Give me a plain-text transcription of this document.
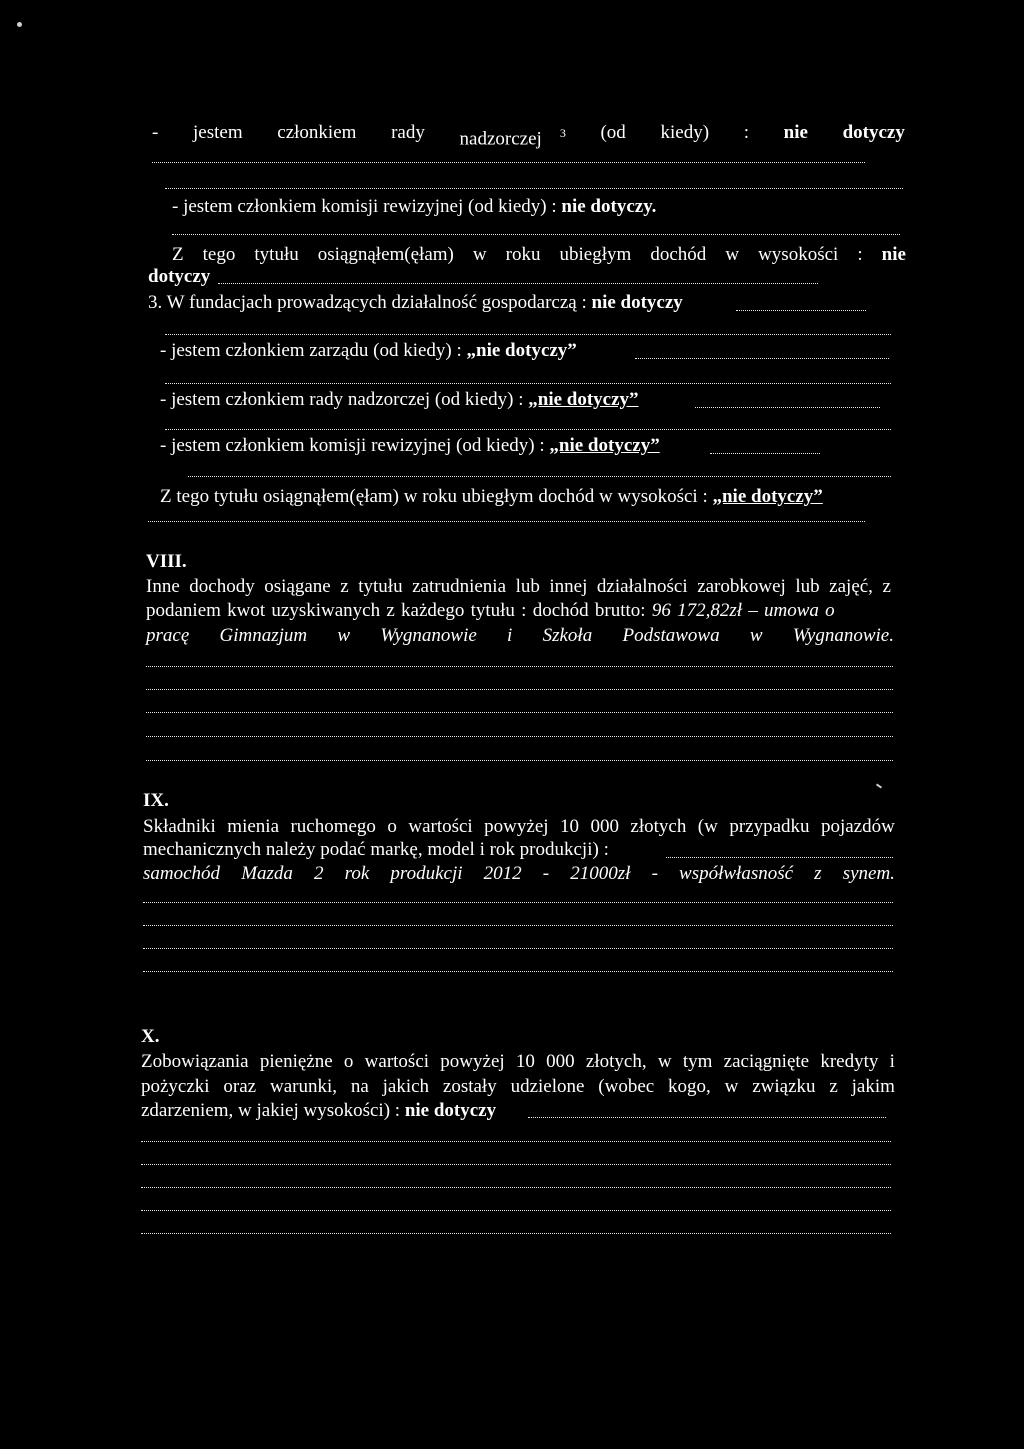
- jestem członkiem rady nadzorczej $^3$ (od kiedy) : nie dotyczy
- jestem członkiem komisji rewizyjnej (od kiedy) : nie dotyczy.
Z tego tytułu osiągnąłem(ęłam) w roku ubiegłym dochód w wysokości : nie
dotyczy
3. W fundacjach prowadzących działalność gospodarczą : nie dotyczy
- jestem członkiem zarządu (od kiedy) : „nie dotyczy”
- jestem członkiem rady nadzorczej (od kiedy) : „nie dotyczy”
- jestem członkiem komisji rewizyjnej (od kiedy) : „nie dotyczy”
Z tego tytułu osiągnąłem(ęłam) w roku ubiegłym dochód w wysokości : „nie dotyczy”
VIII.
Inne dochody osiągane z tytułu zatrudnienia lub innej działalności zarobkowej lub zajęć, z
podaniem kwot uzyskiwanych z każdego tytułu : dochód brutto: 96 172,82zł – umowa o
pracę Gimnazjum w Wygnanowie i Szkoła Podstawowa w Wygnanowie.
IX.
Składniki mienia ruchomego o wartości powyżej 10 000 złotych (w przypadku pojazdów
mechanicznych należy podać markę, model i rok produkcji) :
samochód Mazda 2 rok produkcji 2012 - 21000zł - współwłasność z synem.
X.
Zobowiązania pieniężne o wartości powyżej 10 000 złotych, w tym zaciągnięte kredyty i
pożyczki oraz warunki, na jakich zostały udzielone (wobec kogo, w związku z jakim
zdarzeniem, w jakiej wysokości) : nie dotyczy
